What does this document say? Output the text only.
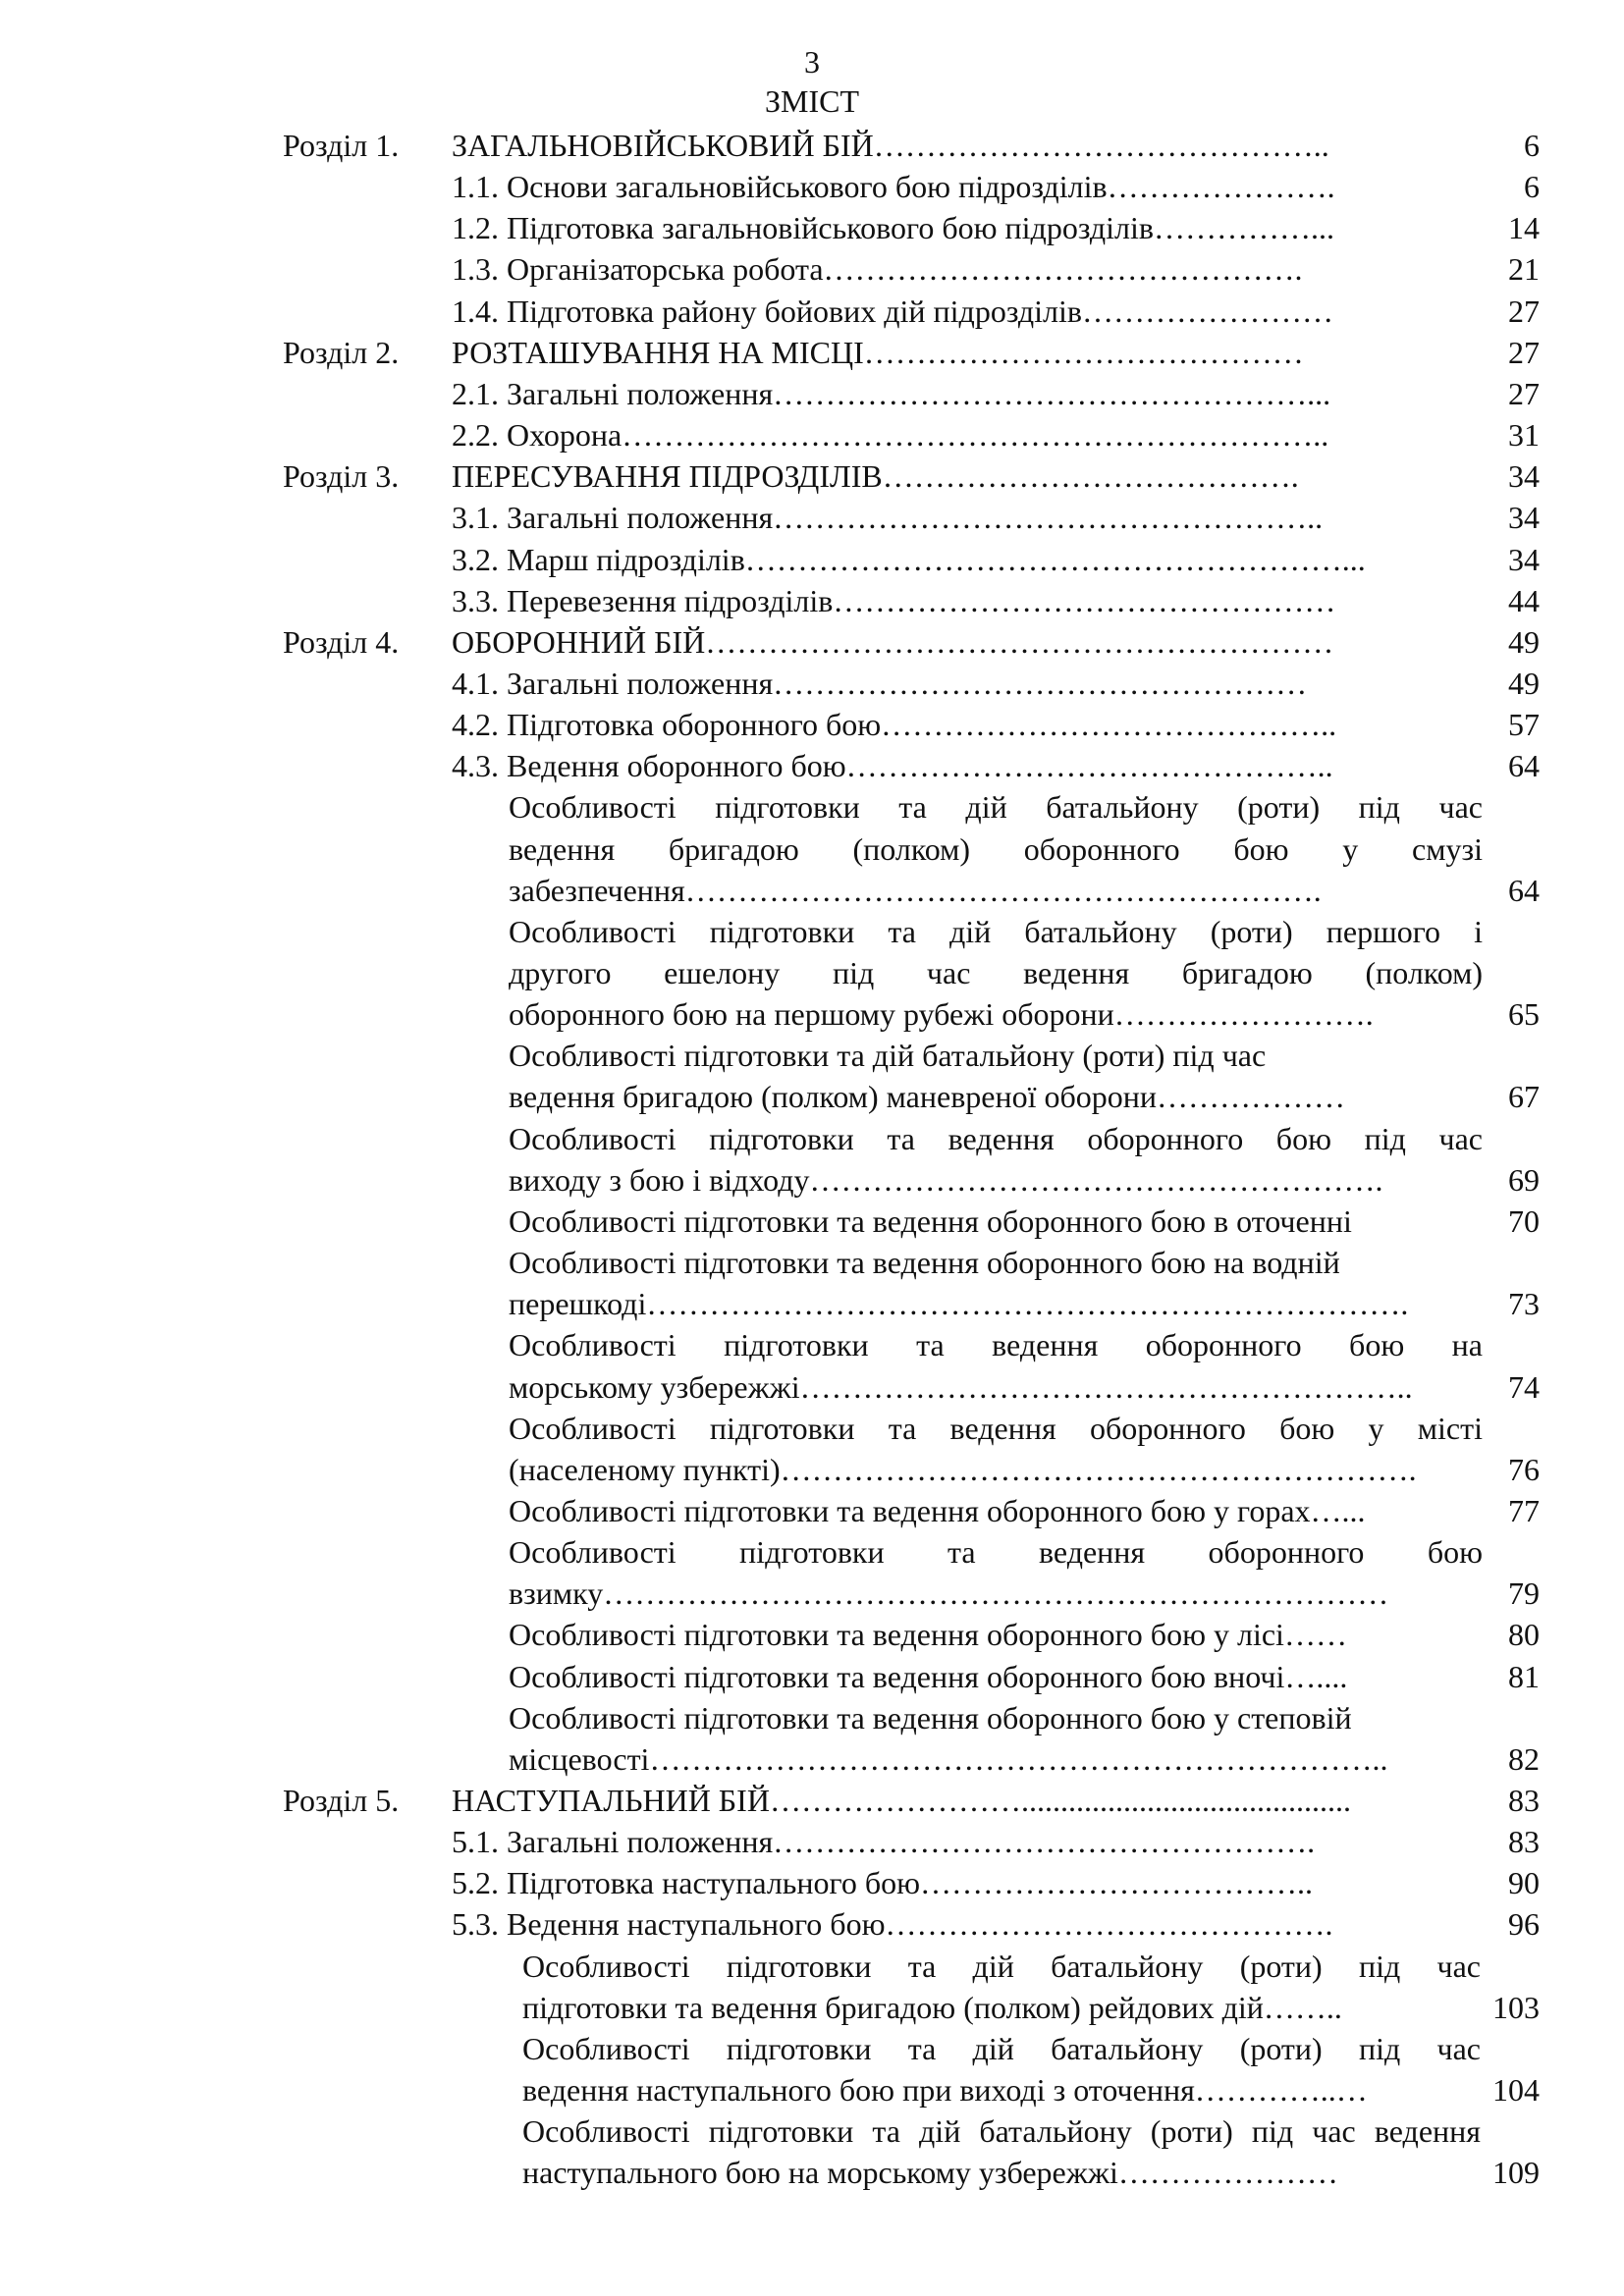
3
ЗМІСТ
Розділ 1. ЗАГАЛЬНОВІЙСЬКОВИЙ БІЙ……………………………………..	6
1.1. Основи загальновійськового бою підрозділів………………….	6
1.2. Підготовка загальновійськового бою підрозділів……………...	14
1.3. Організаторська робота……………………………………….	21
1.4. Підготовка району бойових дій підрозділів……………………	27
Розділ 2. РОЗТАШУВАННЯ НА МІСЦІ……………………………………	27
2.1. Загальні положення……………………………………………...	27
2.2. Охорона…………………………………………………………..	31
Розділ 3. ПЕРЕСУВАННЯ ПІДРОЗДІЛІВ………………………………….	34
3.1. Загальні положення……………………………………………..	34
3.2. Марш підрозділів…………………………………………………...	34
3.3. Перевезення підрозділів…………………………………………	44
Розділ 4. ОБОРОННИЙ БІЙ……………………………………………………	49
4.1. Загальні положення……………………………………………	49
4.2. Підготовка оборонного бою……………………………………..	57
4.3. Ведення оборонного бою………………………………………..	64
Особливості підготовки та дій батальйону (роти) під час
ведення бригадою (полком) оборонного бою у смузі
забезпечення…………………………………………………….	64
Особливості підготовки та дій батальйону (роти) першого і
другого ешелону під час ведення бригадою (полком)
оборонного бою на першому рубежі оборони…………………….	65
Особливості підготовки та дій батальйону (роти) під час
ведення бригадою (полком) маневреної оборони………………	67
Особливості підготовки та ведення оборонного бою під час
виходу з бою і відходу……………………………………………….	69
Особливості підготовки та ведення оборонного бою в оточенні	70
Особливості підготовки та ведення оборонного бою на водній
перешкоді……………………………………………………………….	73
Особливості підготовки та ведення оборонного бою на
морському узбережжі…………………………………………………..	74
Особливості підготовки та ведення оборонного бою у місті
(населеному пункті)…………………………………………………….	76
Особливості підготовки та ведення оборонного бою у горах…...	77
Особливості підготовки та ведення оборонного бою
взимку…………………………………………………………………	79
Особливості підготовки та ведення оборонного бою у лісі……	80
Особливості підготовки та ведення оборонного бою вночі…....	81
Особливості підготовки та ведення оборонного бою у степовій
місцевості……………………………………………………………..	82
Розділ 5. НАСТУПАЛЬНИЙ БІЙ……………………..........................................	83
5.1. Загальні положення…………………………………………….	83
5.2. Підготовка наступального бою………………………………..	90
5.3. Ведення наступального бою…………………………………….	96
Особливості підготовки та дій батальйону (роти) під час
підготовки та ведення бригадою (полком) рейдових дій……..	103
Особливості підготовки та дій батальйону (роти) під час
ведення наступального бою при виході з оточення…………..…	104
Особливості підготовки та дій батальйону (роти) під час ведення
наступального бою на морському узбережжі…………………	109
